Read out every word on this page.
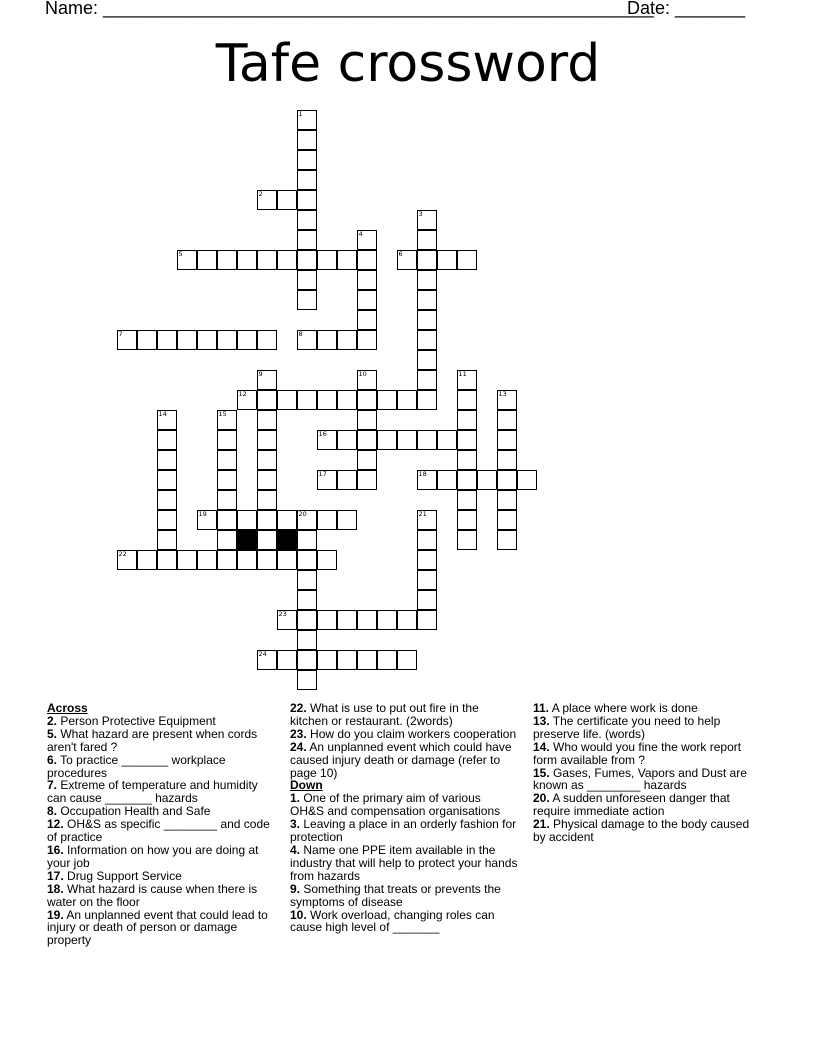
Name: _______________________________________________________
Date: _______
Tafe crossword
1
2
3
4
5	6
7	8
9	10	11
12	13
14	15
16
17	18
19	20	21
22
23
24
Across
2. Person Protective Equipment
5. What hazard are present when cords aren't fared ?
6. To practice _______ workplace procedures
7. Extreme of temperature and humidity can cause _______ hazards
8. Occupation Health and Safe
12. OH&S as specific ________ and code of practice
16. Information on how you are doing at your job
17. Drug Support Service
18. What hazard is cause when there is water on the floor
19. An unplanned event that could lead to injury or death of person or damage property
22. What is use to put out fire in the kitchen or restaurant. (2words)
23. How do you claim workers cooperation
24. An unplanned event which could have caused injury death or damage (refer to page 10)
Down
1. One of the primary aim of various OH&S and compensation organisations
3. Leaving a place in an orderly fashion for protection
4. Name one PPE item available in the industry that will help to protect your hands from hazards
9. Something that treats or prevents the symptoms of disease
10. Work overload, changing roles can cause high level of _______
11. A place where work is done
13. The certificate you need to help preserve life. (words)
14. Who would you fine the work report form available from ?
15. Gases, Fumes, Vapors and Dust are known as ________ hazards
20. A sudden unforeseen danger that require immediate action
21. Physical damage to the body caused by accident
